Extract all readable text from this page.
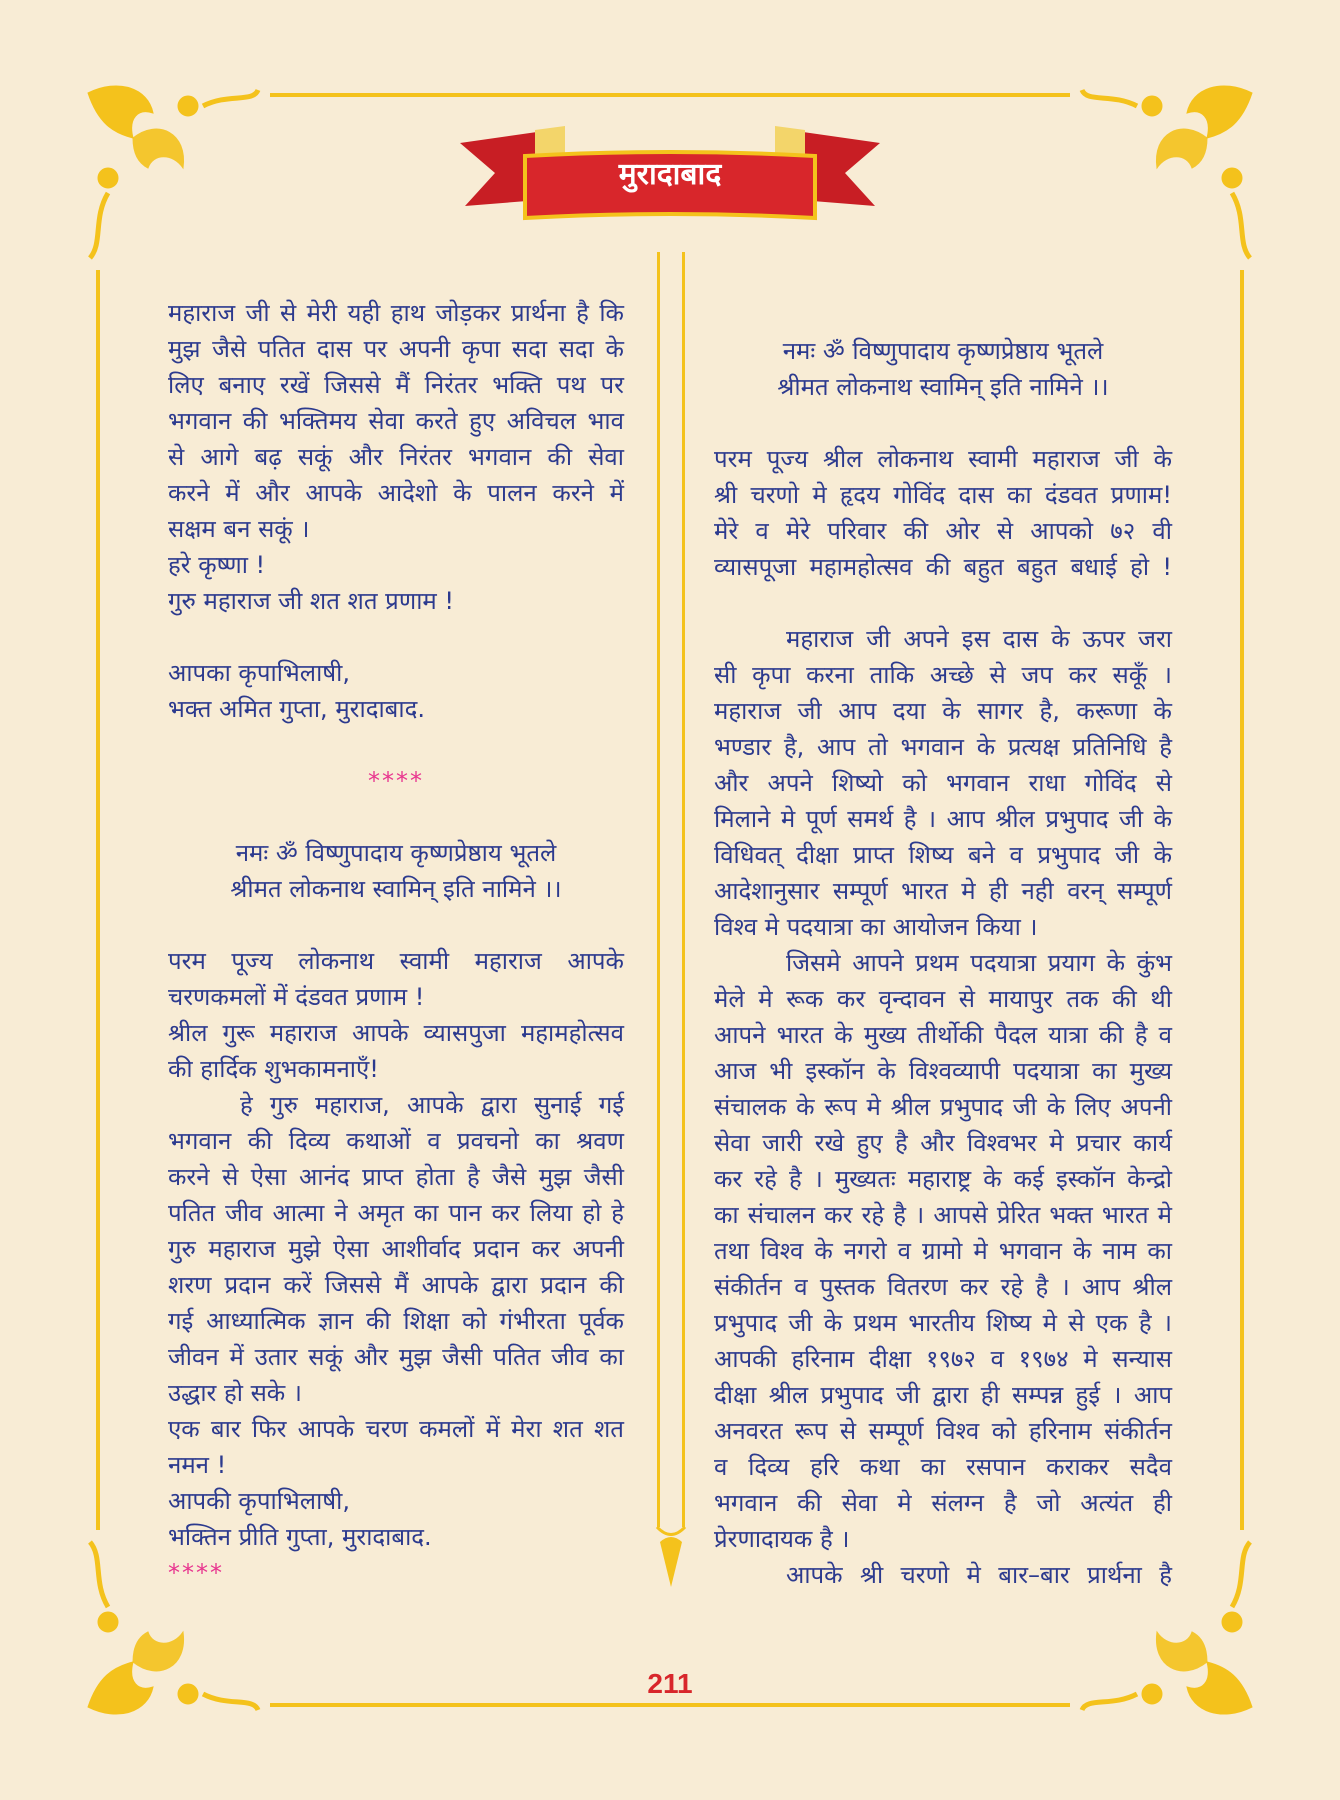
मुरादाबाद
महाराज जी से मेरी यही हाथ जोड़कर प्रार्थना है कि
मुझ जैसे पतित दास पर अपनी कृपा सदा सदा के
लिए बनाए रखें जिससे मैं निरंतर भक्ति पथ पर
भगवान की भक्तिमय सेवा करते हुए अविचल भाव
से आगे बढ़ सकूं और निरंतर भगवान की सेवा
करने में और आपके आदेशो के पालन करने में
सक्षम बन सकूं ।
हरे कृष्णा !
गुरु महाराज जी शत शत प्रणाम !
आपका कृपाभिलाषी,
भक्त अमित गुप्ता, मुरादाबाद.
****
नमः ॐ विष्णुपादाय कृष्णप्रेष्ठाय भूतले
श्रीमत लोकनाथ स्वामिन् इति नामिने ।।
परम पूज्य लोकनाथ स्वामी महाराज आपके
चरणकमलों में दंडवत प्रणाम !
श्रील गुरू महाराज आपके व्यासपुजा महामहोत्सव
की हार्दिक शुभकामनाएँ!
हे गुरु महाराज, आपके द्वारा सुनाई गई
भगवान की दिव्य कथाओं व प्रवचनो का श्रवण
करने से ऐसा आनंद प्राप्त होता है जैसे मुझ जैसी
पतित जीव आत्मा ने अमृत का पान कर लिया हो हे
गुरु महाराज मुझे ऐसा आशीर्वाद प्रदान कर अपनी
शरण प्रदान करें जिससे मैं आपके द्वारा प्रदान की
गई आध्यात्मिक ज्ञान की शिक्षा को गंभीरता पूर्वक
जीवन में उतार सकूं और मुझ जैसी पतित जीव का
उद्धार हो सके ।
एक बार फिर आपके चरण कमलों में मेरा शत शत
नमन !
आपकी कृपाभिलाषी,
भक्तिन प्रीति गुप्ता, मुरादाबाद.
****
नमः ॐ विष्णुपादाय कृष्णप्रेष्ठाय भूतले
श्रीमत लोकनाथ स्वामिन् इति नामिने ।।
परम पूज्य श्रील लोकनाथ स्वामी महाराज जी के
श्री चरणो मे हृदय गोविंद दास का दंडवत प्रणाम!
मेरे व मेरे परिवार की ओर से आपको ७२ वी
व्यासपूजा महामहोत्सव की बहुत बहुत बधाई हो !
महाराज जी अपने इस दास के ऊपर जरा
सी कृपा करना ताकि अच्छे से जप कर सकूँ ।
महाराज जी आप दया के सागर है, करूणा के
भण्डार है, आप तो भगवान के प्रत्यक्ष प्रतिनिधि है
और अपने शिष्यो को भगवान राधा गोविंद से
मिलाने मे पूर्ण समर्थ है । आप श्रील प्रभुपाद जी के
विधिवत् दीक्षा प्राप्त शिष्य बने व प्रभुपाद जी के
आदेशानुसार सम्पूर्ण भारत मे ही नही वरन् सम्पूर्ण
विश्व मे पदयात्रा का आयोजन किया ।
जिसमे आपने प्रथम पदयात्रा प्रयाग के कुंभ
मेले मे रूक कर वृन्दावन से मायापुर तक की थी
आपने भारत के मुख्य तीर्थोकी पैदल यात्रा की है व
आज भी इस्कॉन के विश्वव्यापी पदयात्रा का मुख्य
संचालक के रूप मे श्रील प्रभुपाद जी के लिए अपनी
सेवा जारी रखे हुए है और विश्वभर मे प्रचार कार्य
कर रहे है । मुख्यतः महाराष्ट्र के कई इस्कॉन केन्द्रो
का संचालन कर रहे है । आपसे प्रेरित भक्त भारत मे
तथा विश्व के नगरो व ग्रामो मे भगवान के नाम का
संकीर्तन व पुस्तक वितरण कर रहे है । आप श्रील
प्रभुपाद जी के प्रथम भारतीय शिष्य मे से एक है ।
आपकी हरिनाम दीक्षा १९७२ व १९७४ मे सन्यास
दीक्षा श्रील प्रभुपाद जी द्वारा ही सम्पन्न हुई । आप
अनवरत रूप से सम्पूर्ण विश्व को हरिनाम संकीर्तन
व दिव्य हरि कथा का रसपान कराकर सदैव
भगवान की सेवा मे संलग्न है जो अत्यंत ही
प्रेरणादायक है ।
आपके श्री चरणो मे बार–बार प्रार्थना है
211
